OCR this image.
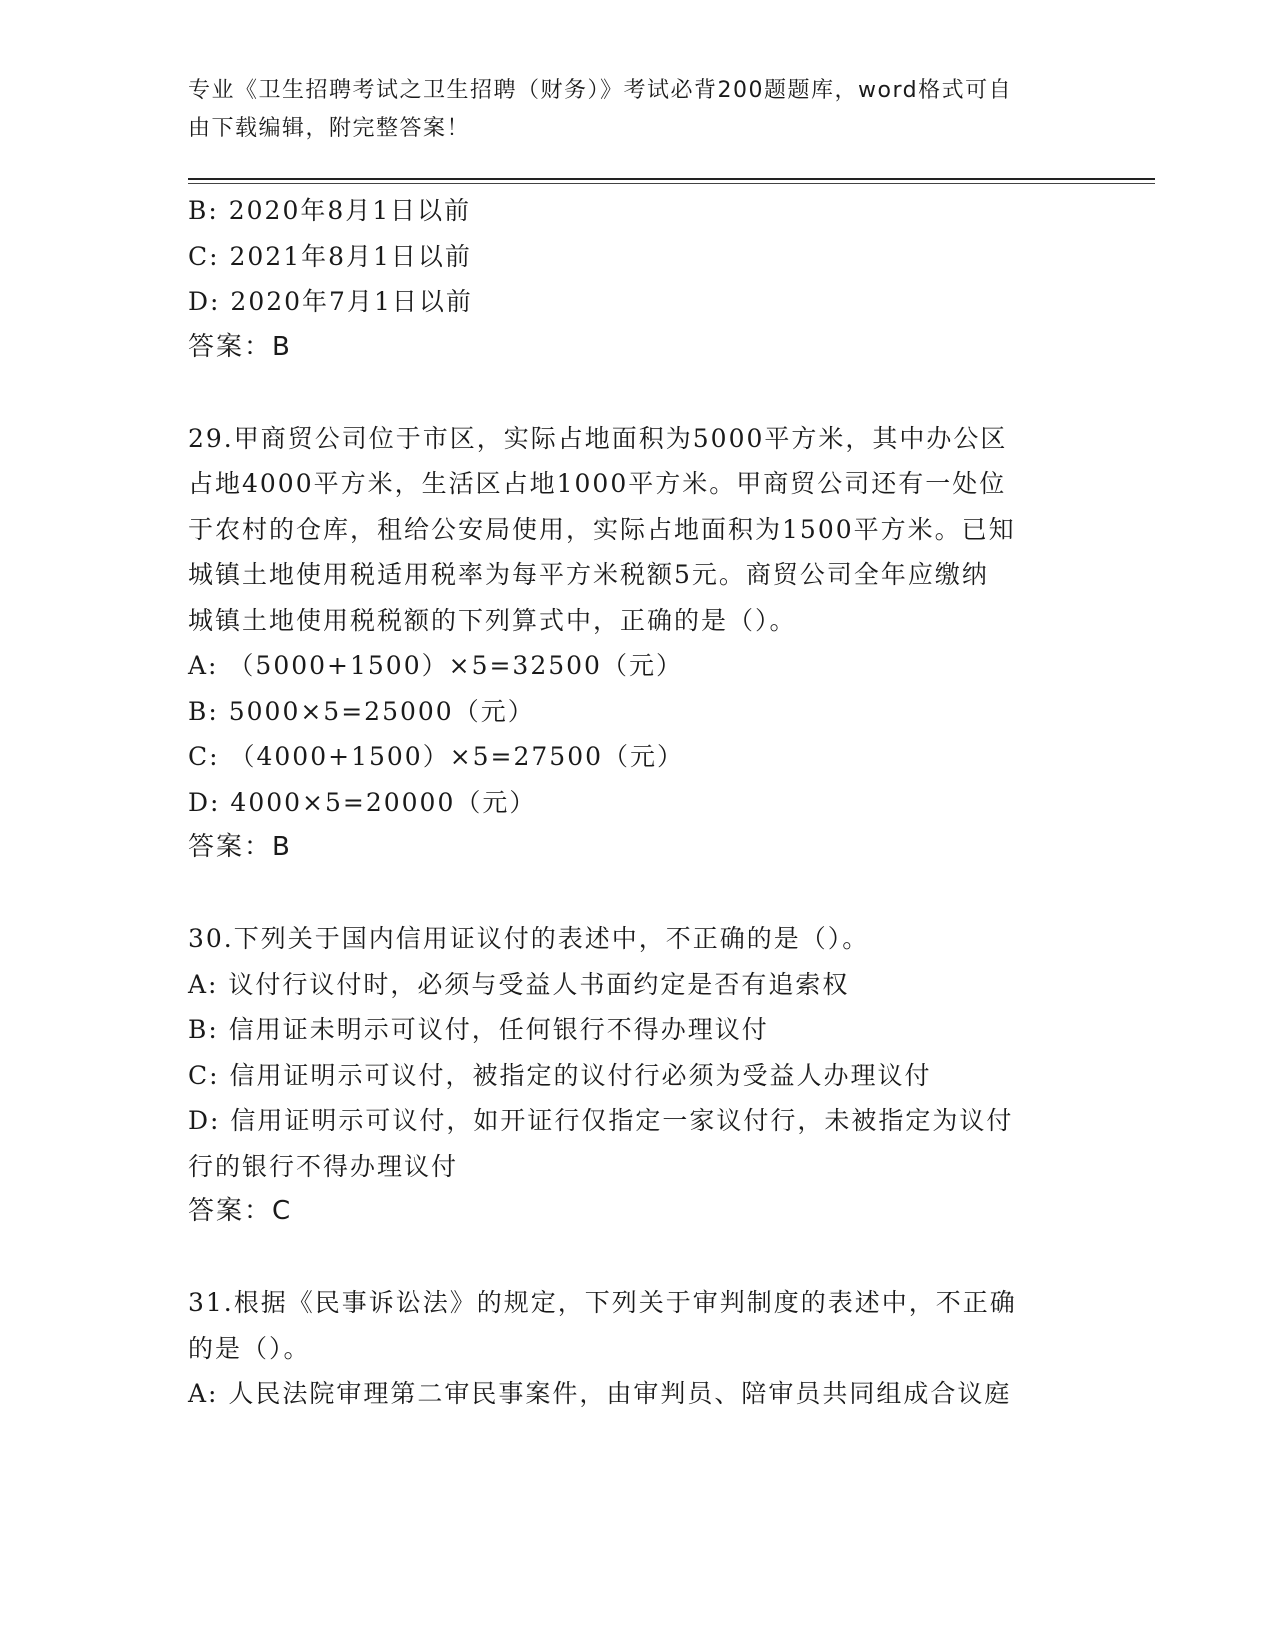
专业《卫生招聘考试之卫生招聘（财务）》考试必背200题题库，word格式可自
由下载编辑，附完整答案！
B: 2020年8月1日以前
C: 2021年8月1日以前
D: 2020年7月1日以前
答案：B
29.甲商贸公司位于市区，实际占地面积为5000平方米，其中办公区
占地4000平方米，生活区占地1000平方米。甲商贸公司还有一处位
于农村的仓库，租给公安局使用，实际占地面积为1500平方米。已知
城镇土地使用税适用税率为每平方米税额5元。商贸公司全年应缴纳
城镇土地使用税税额的下列算式中，正确的是（）。
A: （5000+1500）×5=32500（元）
B: 5000×5=25000（元）
C: （4000+1500）×5=27500（元）
D: 4000×5=20000（元）
答案：B
30.下列关于国内信用证议付的表述中，不正确的是（）。
A: 议付行议付时，必须与受益人书面约定是否有追索权
B: 信用证未明示可议付，任何银行不得办理议付
C: 信用证明示可议付，被指定的议付行必须为受益人办理议付
D: 信用证明示可议付，如开证行仅指定一家议付行，未被指定为议付
行的银行不得办理议付
答案：C
31.根据《民事诉讼法》的规定，下列关于审判制度的表述中，不正确
的是（）。
A: 人民法院审理第二审民事案件，由审判员、陪审员共同组成合议庭
